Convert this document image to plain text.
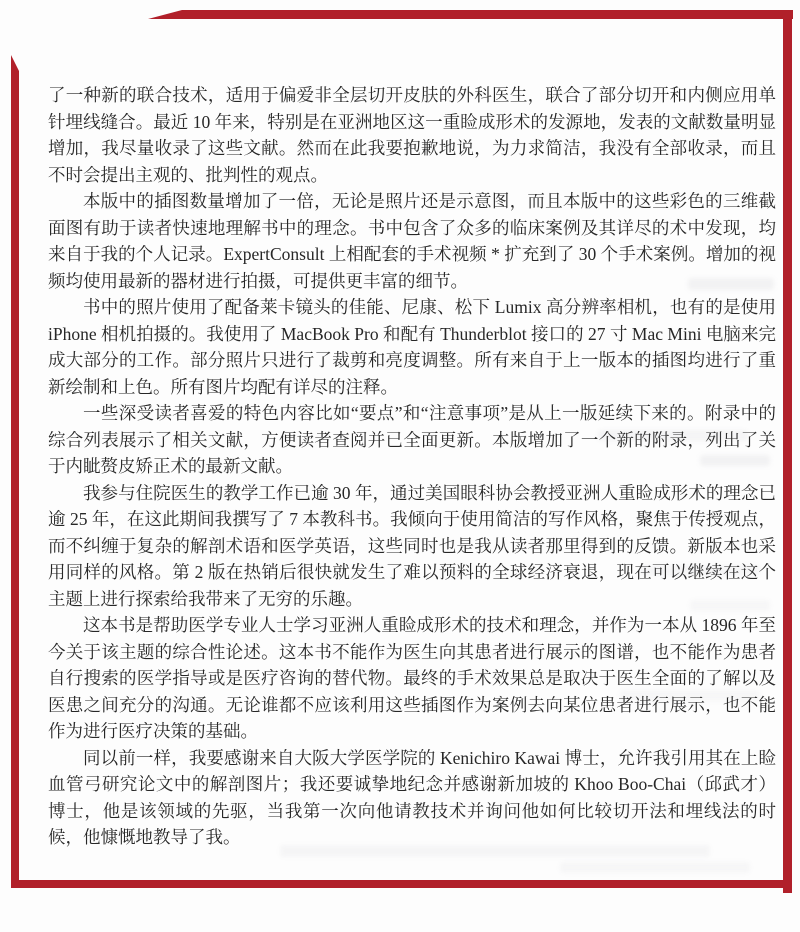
了一种新的联合技术，适用于偏爱非全层切开皮肤的外科医生，联合了部分切开和内侧应用单针埋线缝合。最近 10 年来，特别是在亚洲地区这一重睑成形术的发源地，发表的文献数量明显增加，我尽量收录了这些文献。然而在此我要抱歉地说，为力求简洁，我没有全部收录，而且不时会提出主观的、批判性的观点。

本版中的插图数量增加了一倍，无论是照片还是示意图，而且本版中的这些彩色的三维截面图有助于读者快速地理解书中的理念。书中包含了众多的临床案例及其详尽的术中发现，均来自于我的个人记录。ExpertConsult 上相配套的手术视频 * 扩充到了 30 个手术案例。增加的视频均使用最新的器材进行拍摄，可提供更丰富的细节。

书中的照片使用了配备莱卡镜头的佳能、尼康、松下 Lumix 高分辨率相机，也有的是使用 iPhone 相机拍摄的。我使用了 MacBook Pro 和配有 Thunderblot 接口的 27 寸 Mac Mini 电脑来完成大部分的工作。部分照片只进行了裁剪和亮度调整。所有来自于上一版本的插图均进行了重新绘制和上色。所有图片均配有详尽的注释。

一些深受读者喜爱的特色内容比如“要点”和“注意事项”是从上一版延续下来的。附录中的综合列表展示了相关文献，方便读者查阅并已全面更新。本版增加了一个新的附录，列出了关于内眦赘皮矫正术的最新文献。

我参与住院医生的教学工作已逾 30 年，通过美国眼科协会教授亚洲人重睑成形术的理念已逾 25 年，在这此期间我撰写了 7 本教科书。我倾向于使用简洁的写作风格，聚焦于传授观点，而不纠缠于复杂的解剖术语和医学英语，这些同时也是我从读者那里得到的反馈。新版本也采用同样的风格。第 2 版在热销后很快就发生了难以预料的全球经济衰退，现在可以继续在这个主题上进行探索给我带来了无穷的乐趣。

这本书是帮助医学专业人士学习亚洲人重睑成形术的技术和理念，并作为一本从 1896 年至今关于该主题的综合性论述。这本书不能作为医生向其患者进行展示的图谱，也不能作为患者自行搜索的医学指导或是医疗咨询的替代物。最终的手术效果总是取决于医生全面的了解以及医患之间充分的沟通。无论谁都不应该利用这些插图作为案例去向某位患者进行展示，也不能作为进行医疗决策的基础。

同以前一样，我要感谢来自大阪大学医学院的 Kenichiro Kawai 博士，允许我引用其在上睑血管弓研究论文中的解剖图片；我还要诚挚地纪念并感谢新加坡的 Khoo Boo-Chai（邱武才）博士，他是该领域的先驱，当我第一次向他请教技术并询问他如何比较切开法和埋线法的时候，他慷慨地教导了我。
